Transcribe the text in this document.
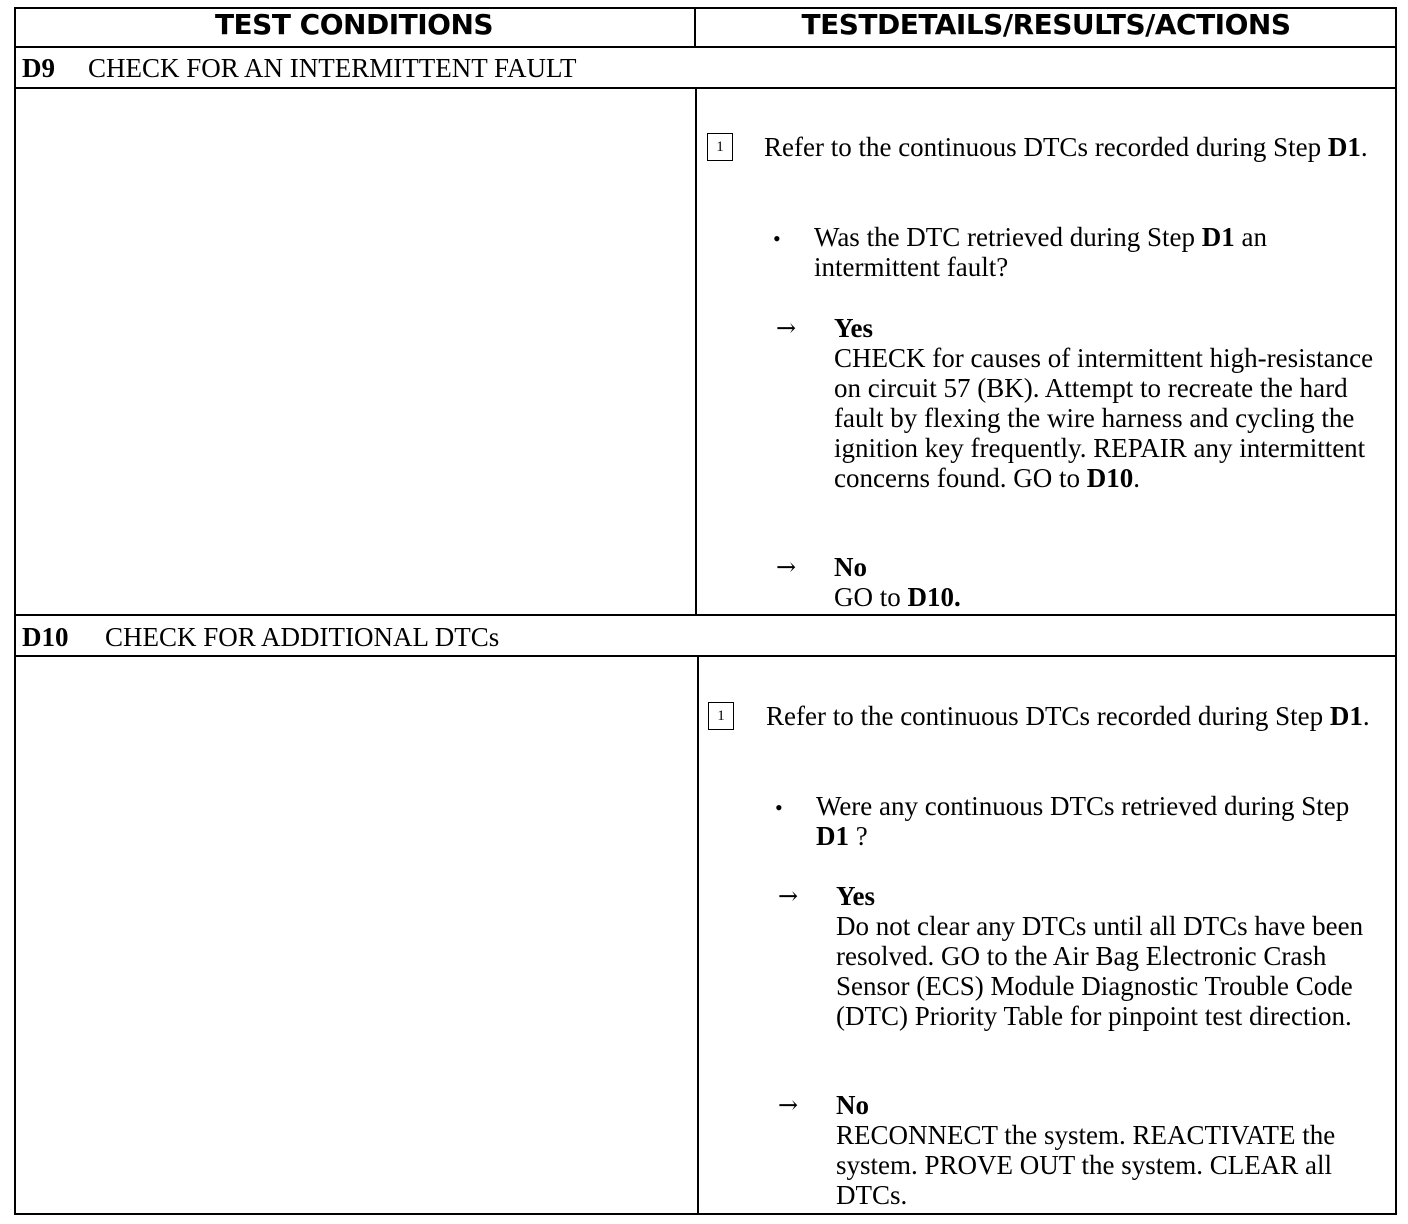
TEST CONDITIONS	TESTDETAILS/RESULTS/ACTIONS
D9 CHECK FOR AN INTERMITTENT FAULT
1	Refer to the continuous DTCs recorded during Step D1.
• Was the DTC retrieved during Step D1 an intermittent fault?
→ Yes
CHECK for causes of intermittent high-resistance on circuit 57 (BK). Attempt to recreate the hard fault by flexing the wire harness and cycling the ignition key frequently. REPAIR any intermittent concerns found. GO to D10.
→ No
GO to D10.
D10 CHECK FOR ADDITIONAL DTCs
1	Refer to the continuous DTCs recorded during Step D1.
• Were any continuous DTCs retrieved during Step D1 ?
→ Yes
Do not clear any DTCs until all DTCs have been resolved. GO to the Air Bag Electronic Crash Sensor (ECS) Module Diagnostic Trouble Code (DTC) Priority Table for pinpoint test direction.
→ No
RECONNECT the system. REACTIVATE the system. PROVE OUT the system. CLEAR all DTCs.
